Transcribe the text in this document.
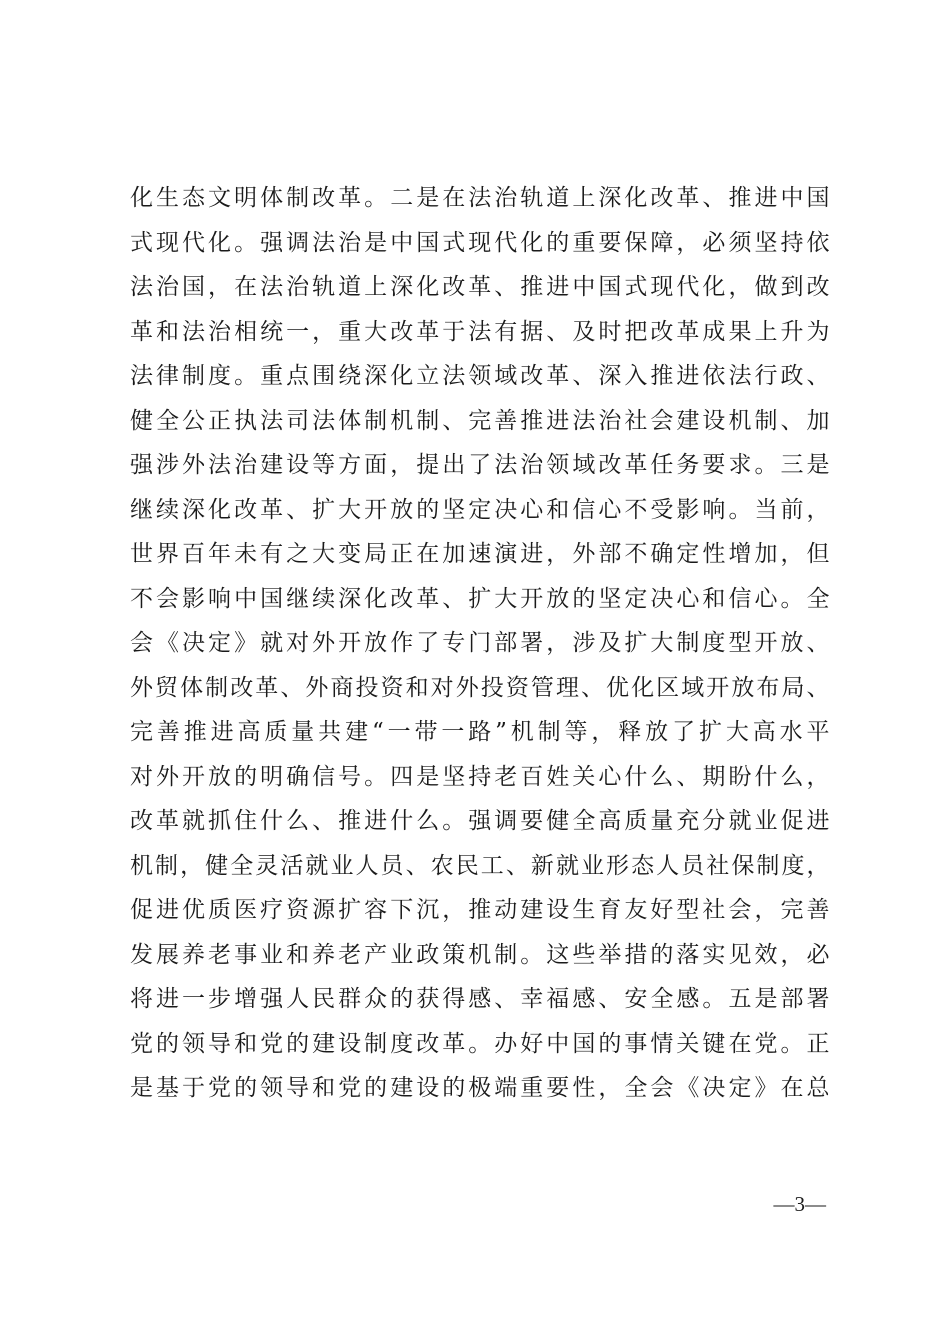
化生态文明体制改革。二是在法治轨道上深化改革、推进中国
式现代化。强调法治是中国式现代化的重要保障，必须坚持依
法治国，在法治轨道上深化改革、推进中国式现代化，做到改
革和法治相统一，重大改革于法有据、及时把改革成果上升为
法律制度。重点围绕深化立法领域改革、深入推进依法行政、
健全公正执法司法体制机制、完善推进法治社会建设机制、加
强涉外法治建设等方面，提出了法治领域改革任务要求。三是
继续深化改革、扩大开放的坚定决心和信心不受影响。当前，
世界百年未有之大变局正在加速演进，外部不确定性增加，但
不会影响中国继续深化改革、扩大开放的坚定决心和信心。全
会《决定》就对外开放作了专门部署，涉及扩大制度型开放、
外贸体制改革、外商投资和对外投资管理、优化区域开放布局、
完善推进高质量共建“一带一路”机制等，释放了扩大高水平
对外开放的明确信号。四是坚持老百姓关心什么、期盼什么，
改革就抓住什么、推进什么。强调要健全高质量充分就业促进
机制，健全灵活就业人员、农民工、新就业形态人员社保制度，
促进优质医疗资源扩容下沉，推动建设生育友好型社会，完善
发展养老事业和养老产业政策机制。这些举措的落实见效，必
将进一步增强人民群众的获得感、幸福感、安全感。五是部署
党的领导和党的建设制度改革。办好中国的事情关键在党。正
是基于党的领导和党的建设的极端重要性，全会《决定》在总
—3—
